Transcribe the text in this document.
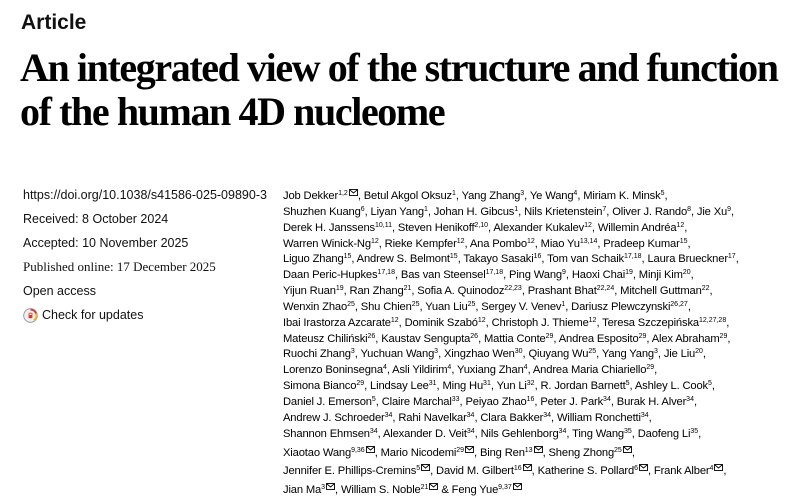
Article
An integrated view of the structure and function of the human 4D nucleome
https://doi.org/10.1038/s41586-025-09890-3
Received: 8 October 2024
Accepted: 10 November 2025
Published online: 17 December 2025
Open access
Check for updates
Job Dekker$^{1,2}$ , Betul Akgol Oksuz$^1$, Yang Zhang$^3$, Ye Wang$^4$, Miriam K. Minsk$^5$,
Shuzhen Kuang$^6$, Liyan Yang$^1$, Johan H. Gibcus$^1$, Nils Krietenstein$^7$, Oliver J. Rando$^8$, Jie Xu$^9$,
Derek H. Janssens$^{10,11}$, Steven Henikoff$^{2,10}$, Alexander Kukalev$^{12}$, Willemin Andréa$^{12}$,
Warren Winick-Ng$^{12}$, Rieke Kempfer$^{12}$, Ana Pombo$^{12}$, Miao Yu$^{13,14}$, Pradeep Kumar$^{15}$,
Liguo Zhang$^{15}$, Andrew S. Belmont$^{15}$, Takayo Sasaki$^{16}$, Tom van Schaik$^{17,18}$, Laura Brueckner$^{17}$,
Daan Peric-Hupkes$^{17,18}$, Bas van Steensel$^{17,18}$, Ping Wang$^9$, Haoxi Chai$^{19}$, Minji Kim$^{20}$,
Yijun Ruan$^{19}$, Ran Zhang$^{21}$, Sofia A. Quinodoz$^{22,23}$, Prashant Bhat$^{22,24}$, Mitchell Guttman$^{22}$,
Wenxin Zhao$^{25}$, Shu Chien$^{25}$, Yuan Liu$^{25}$, Sergey V. Venev$^1$, Dariusz Plewczynski$^{26,27}$,
Ibai Irastorza Azcarate$^{12}$, Dominik Szabó$^{12}$, Christoph J. Thieme$^{12}$, Teresa Szczepińska$^{12,27,28}$,
Mateusz Chiliński$^{26}$, Kaustav Sengupta$^{26}$, Mattia Conte$^{29}$, Andrea Esposito$^{29}$, Alex Abraham$^{29}$,
Ruochi Zhang$^3$, Yuchuan Wang$^3$, Xingzhao Wen$^{30}$, Qiuyang Wu$^{25}$, Yang Yang$^3$, Jie Liu$^{20}$,
Lorenzo Boninsegna$^4$, Asli Yildirim$^4$, Yuxiang Zhan$^4$, Andrea Maria Chiariello$^{29}$,
Simona Bianco$^{29}$, Lindsay Lee$^{31}$, Ming Hu$^{31}$, Yun Li$^{32}$, R. Jordan Barnett$^5$, Ashley L. Cook$^5$,
Daniel J. Emerson$^5$, Claire Marchal$^{33}$, Peiyao Zhao$^{16}$, Peter J. Park$^{34}$, Burak H. Alver$^{34}$,
Andrew J. Schroeder$^{34}$, Rahi Navelkar$^{34}$, Clara Bakker$^{34}$, William Ronchetti$^{34}$,
Shannon Ehmsen$^{34}$, Alexander D. Veit$^{34}$, Nils Gehlenborg$^{34}$, Ting Wang$^{35}$, Daofeng Li$^{35}$,
Xiaotao Wang$^{9,36}$ , Mario Nicodemi$^{29}$ , Bing Ren$^{13}$ , Sheng Zhong$^{25}$ ,
Jennifer E. Phillips-Cremins$^5$ , David M. Gilbert$^{16}$ , Katherine S. Pollard$^6$ , Frank Alber$^4$ ,
Jian Ma$^3$ , William S. Noble$^{21}$ & Feng Yue$^{9,37}$
